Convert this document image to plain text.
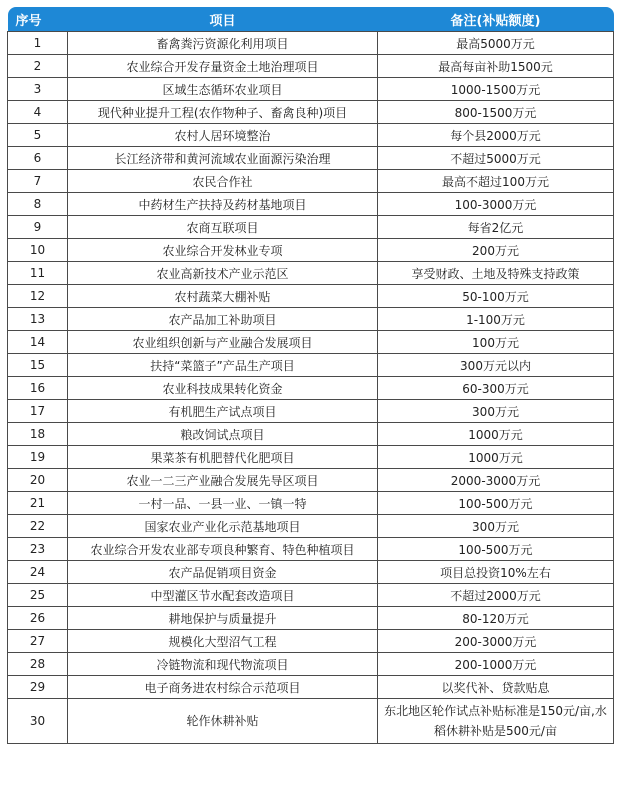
序号	项目	备注(补贴额度)
1	畜禽粪污资源化利用项目	最高5000万元
2	农业综合开发存量资金土地治理项目	最高每亩补助1500元
3	区域生态循环农业项目	1000-1500万元
4	现代种业提升工程(农作物种子、畜禽良种)项目	800-1500万元
5	农村人居环境整治	每个县2000万元
6	长江经济带和黄河流域农业面源污染治理	不超过5000万元
7	农民合作社	最高不超过100万元
8	中药材生产扶持及药材基地项目	100-3000万元
9	农商互联项目	每省2亿元
10	农业综合开发林业专项	200万元
11	农业高新技术产业示范区	享受财政、土地及特殊支持政策
12	农村蔬菜大棚补贴	50-100万元
13	农产品加工补助项目	1-100万元
14	农业组织创新与产业融合发展项目	100万元
15	扶持“菜篮子”产品生产项目	300万元以内
16	农业科技成果转化资金	60-300万元
17	有机肥生产试点项目	300万元
18	粮改饲试点项目	1000万元
19	果菜茶有机肥替代化肥项目	1000万元
20	农业一二三产业融合发展先导区项目	2000-3000万元
21	一村一品、一县一业、一镇一特	100-500万元
22	国家农业产业化示范基地项目	300万元
23	农业综合开发农业部专项良种繁育、特色种植项目	100-500万元
24	农产品促销项目资金	项目总投资10%左右
25	中型灌区节水配套改造项目	不超过2000万元
26	耕地保护与质量提升	80-120万元
27	规模化大型沼气工程	200-3000万元
28	冷链物流和现代物流项目	200-1000万元
29	电子商务进农村综合示范项目	以奖代补、贷款贴息
30	轮作休耕补贴	东北地区轮作试点补贴标准是150元/亩,水稻休耕补贴是500元/亩
